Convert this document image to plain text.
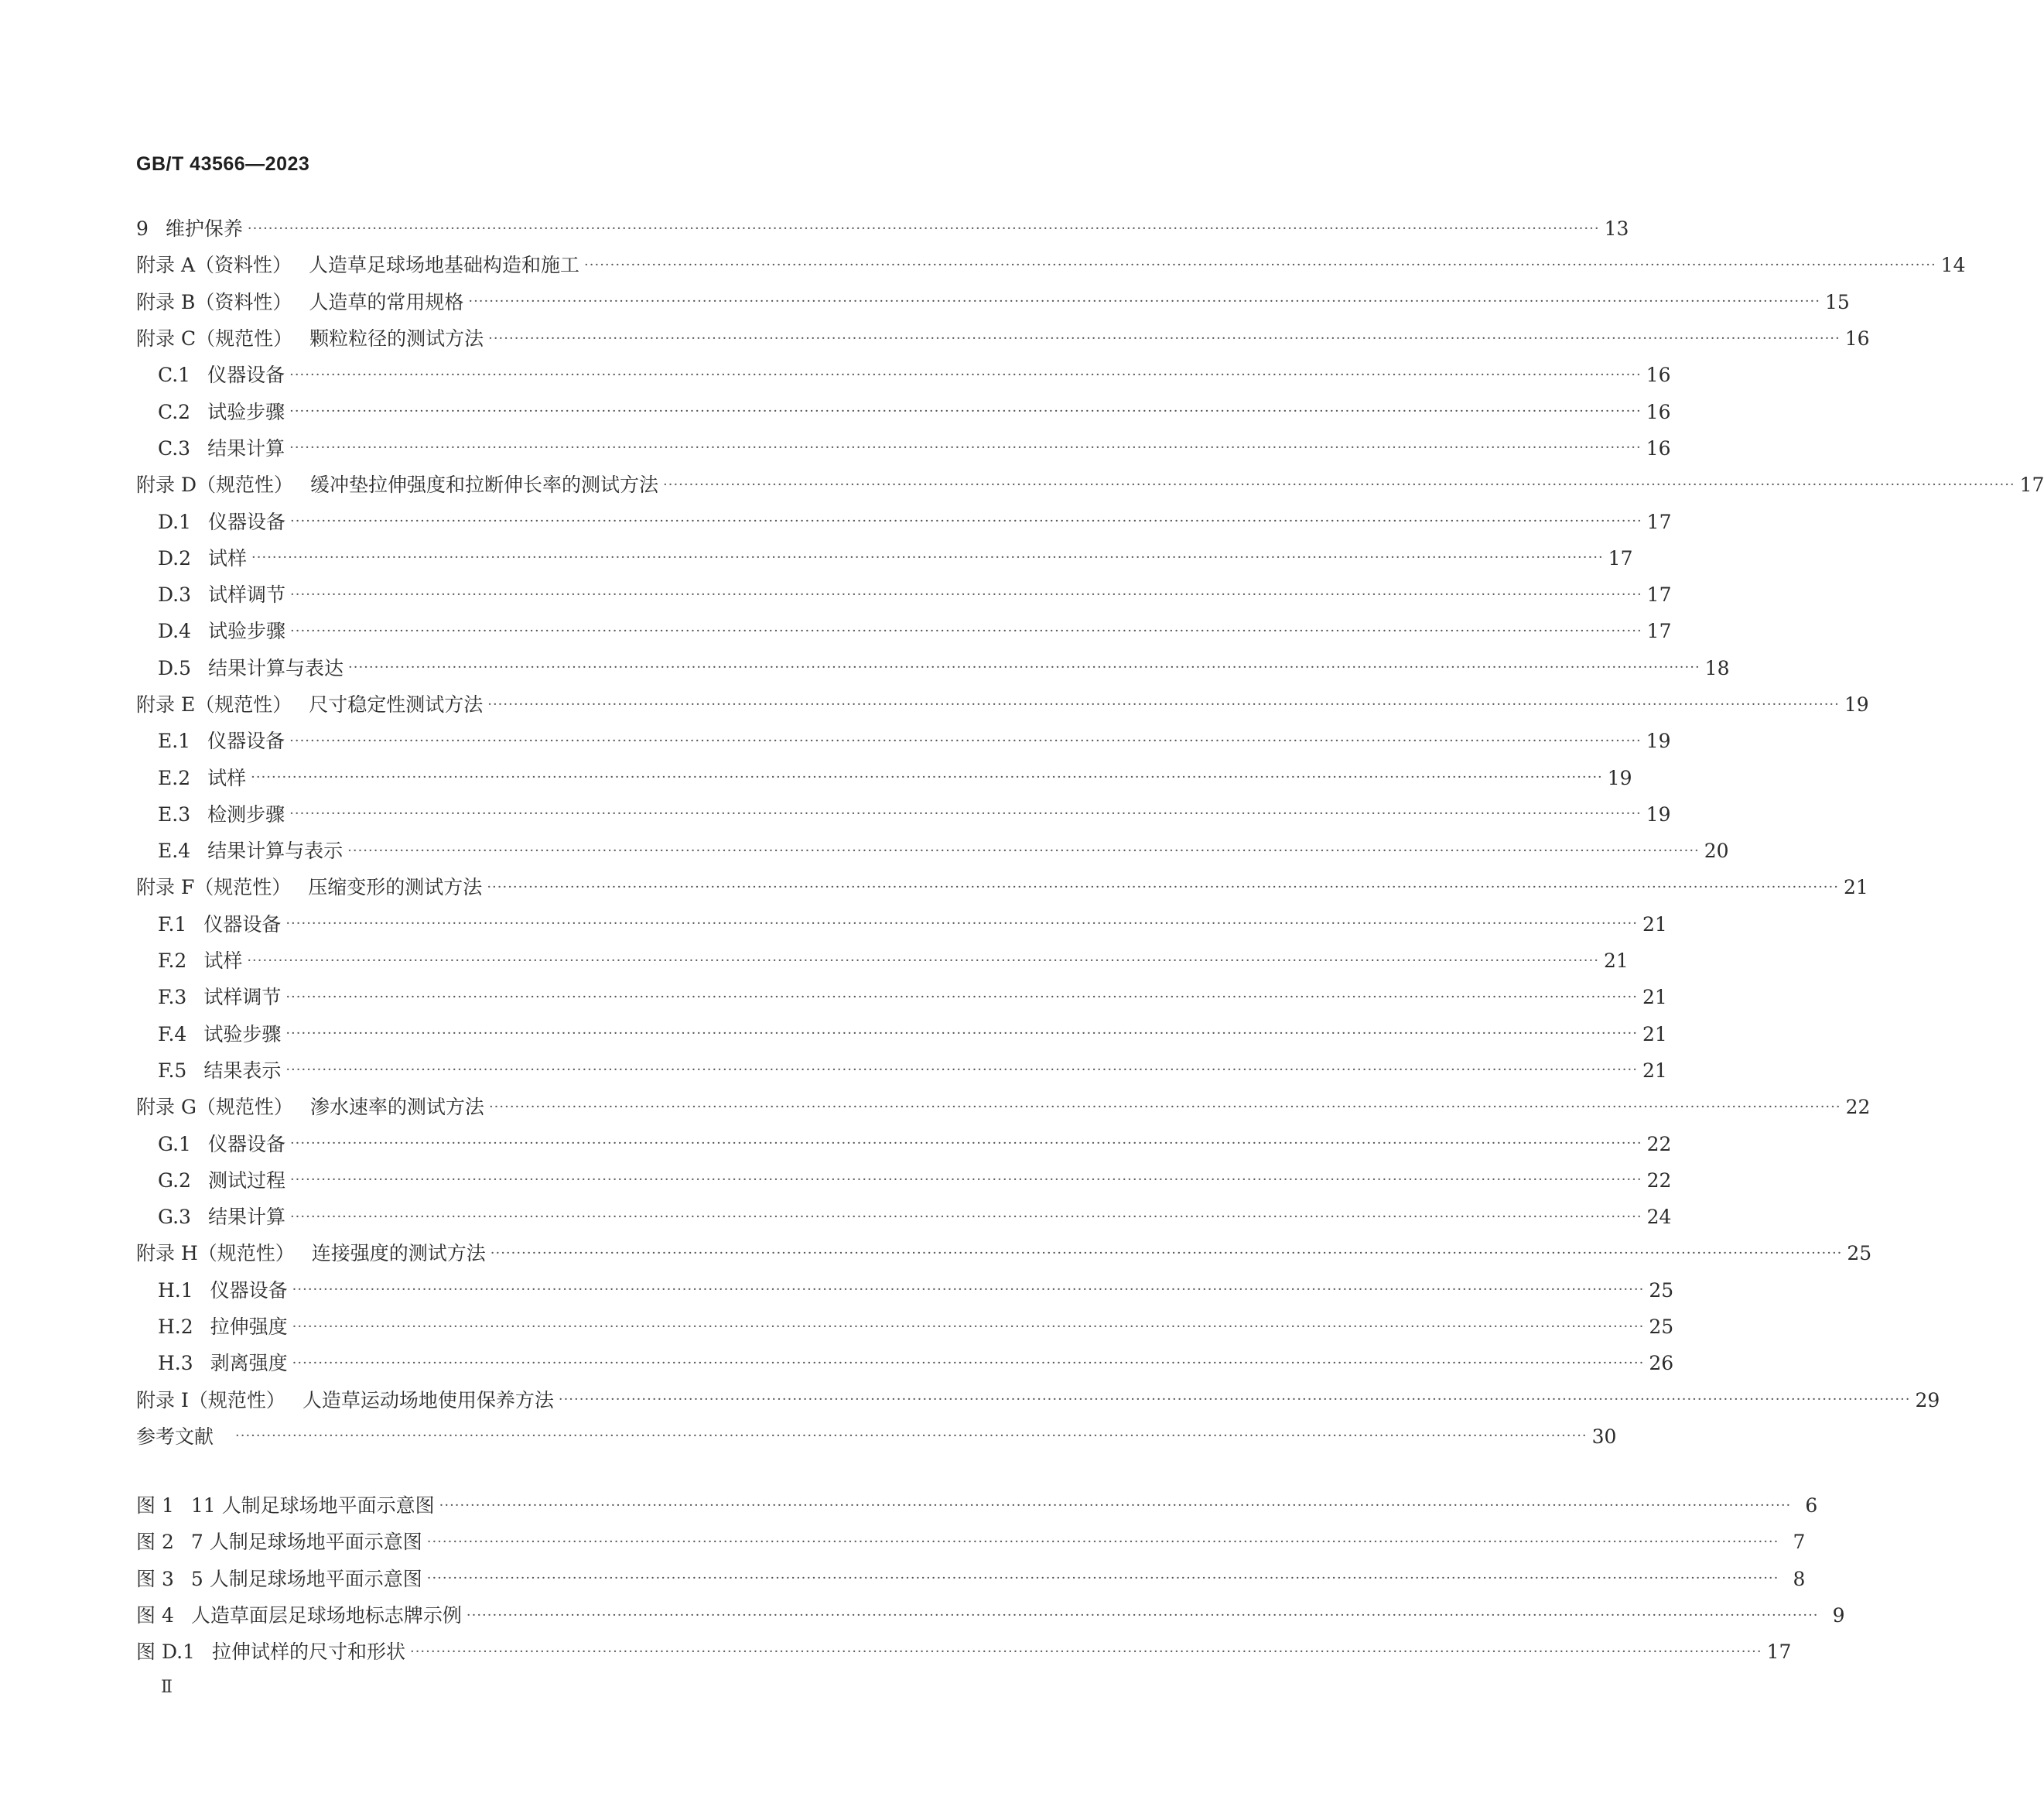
GB/T 43566—2023
9 维护保养 ···································································································································································································································································· 13
附录 A（资料性） 人造草足球场地基础构造和施工 ···································································································································································································································································· 14
附录 B（资料性） 人造草的常用规格 ···································································································································································································································································· 15
附录 C（规范性） 颗粒粒径的测试方法 ···································································································································································································································································· 16
C.1 仪器设备 ···································································································································································································································································· 16
C.2 试验步骤 ···································································································································································································································································· 16
C.3 结果计算 ···································································································································································································································································· 16
附录 D（规范性） 缓冲垫拉伸强度和拉断伸长率的测试方法 ···································································································································································································································································· 17
D.1 仪器设备 ···································································································································································································································································· 17
D.2 试样 ···································································································································································································································································· 17
D.3 试样调节 ···································································································································································································································································· 17
D.4 试验步骤 ···································································································································································································································································· 17
D.5 结果计算与表达 ···································································································································································································································································· 18
附录 E（规范性） 尺寸稳定性测试方法 ···································································································································································································································································· 19
E.1 仪器设备 ···································································································································································································································································· 19
E.2 试样 ···································································································································································································································································· 19
E.3 检测步骤 ···································································································································································································································································· 19
E.4 结果计算与表示 ···································································································································································································································································· 20
附录 F（规范性） 压缩变形的测试方法 ···································································································································································································································································· 21
F.1 仪器设备 ···································································································································································································································································· 21
F.2 试样 ···································································································································································································································································· 21
F.3 试样调节 ···································································································································································································································································· 21
F.4 试验步骤 ···································································································································································································································································· 21
F.5 结果表示 ···································································································································································································································································· 21
附录 G（规范性） 渗水速率的测试方法 ···································································································································································································································································· 22
G.1 仪器设备 ···································································································································································································································································· 22
G.2 测试过程 ···································································································································································································································································· 22
G.3 结果计算 ···································································································································································································································································· 24
附录 H（规范性） 连接强度的测试方法 ···································································································································································································································································· 25
H.1 仪器设备 ···································································································································································································································································· 25
H.2 拉伸强度 ···································································································································································································································································· 25
H.3 剥离强度 ···································································································································································································································································· 26
附录 I（规范性） 人造草运动场地使用保养方法 ···································································································································································································································································· 29
参考文献	···································································································································································································································································· 30
图 1 11 人制足球场地平面示意图 ···································································································································································································································································· 6
图 2 7 人制足球场地平面示意图 ···································································································································································································································································· 7
图 3 5 人制足球场地平面示意图 ···································································································································································································································································· 8
图 4 人造草面层足球场地标志牌示例 ···································································································································································································································································· 9
图 D.1 拉伸试样的尺寸和形状 ···································································································································································································································································· 17
Ⅱ
